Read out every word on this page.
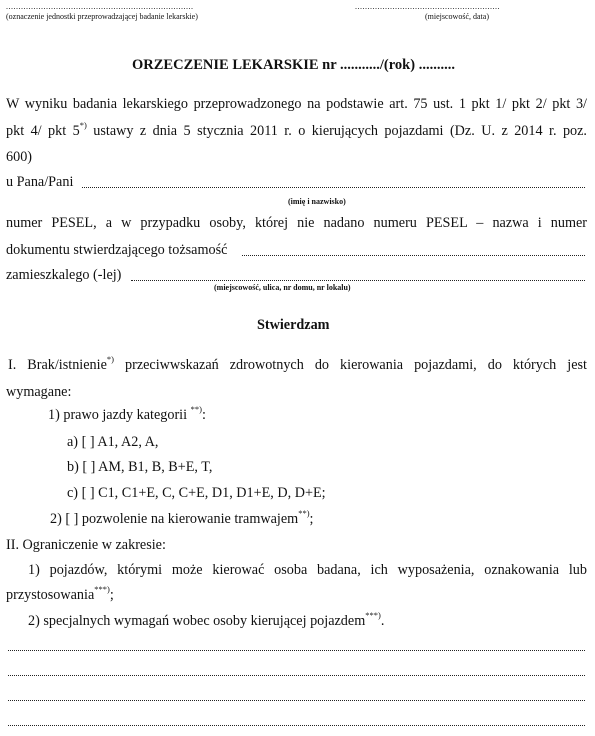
...........................................................................
(oznaczenie jednostki przeprowadzającej badanie lekarskie)
..........................................................
(miejscowość, data)
ORZECZENIE LEKARSKIE nr .........../(rok) ..........
W wyniku badania lekarskiego przeprowadzonego na podstawie art. 75 ust. 1 pkt 1/ pkt 2/ pkt 3/
pkt 4/ pkt 5*) ustawy z dnia 5 stycznia 2011 r. o kierujących pojazdami (Dz. U. z 2014 r. poz.
600)
u Pana/Pani
(imię i nazwisko)
numer PESEL, a w przypadku osoby, której nie nadano numeru PESEL – nazwa i numer
dokumentu stwierdzającego tożsamość
zamieszkalego (-lej)
(miejscowość, ulica, nr domu, nr lokalu)
Stwierdzam
I. Brak/istnienie*) przeciwwskazań zdrowotnych do kierowania pojazdami, do których jest
wymagane:
1) prawo jazdy kategorii **):
a) [ ] A1, A2, A,
b) [ ] AM, B1, B, B+E, T,
c) [ ] C1, C1+E, C, C+E, D1, D1+E, D, D+E;
2) [ ] pozwolenie na kierowanie tramwajem**);
II. Ograniczenie w zakresie:
1) pojazdów, którymi może kierować osoba badana, ich wyposażenia, oznakowania lub
przystosowania***);
2) specjalnych wymagań wobec osoby kierującej pojazdem***).
